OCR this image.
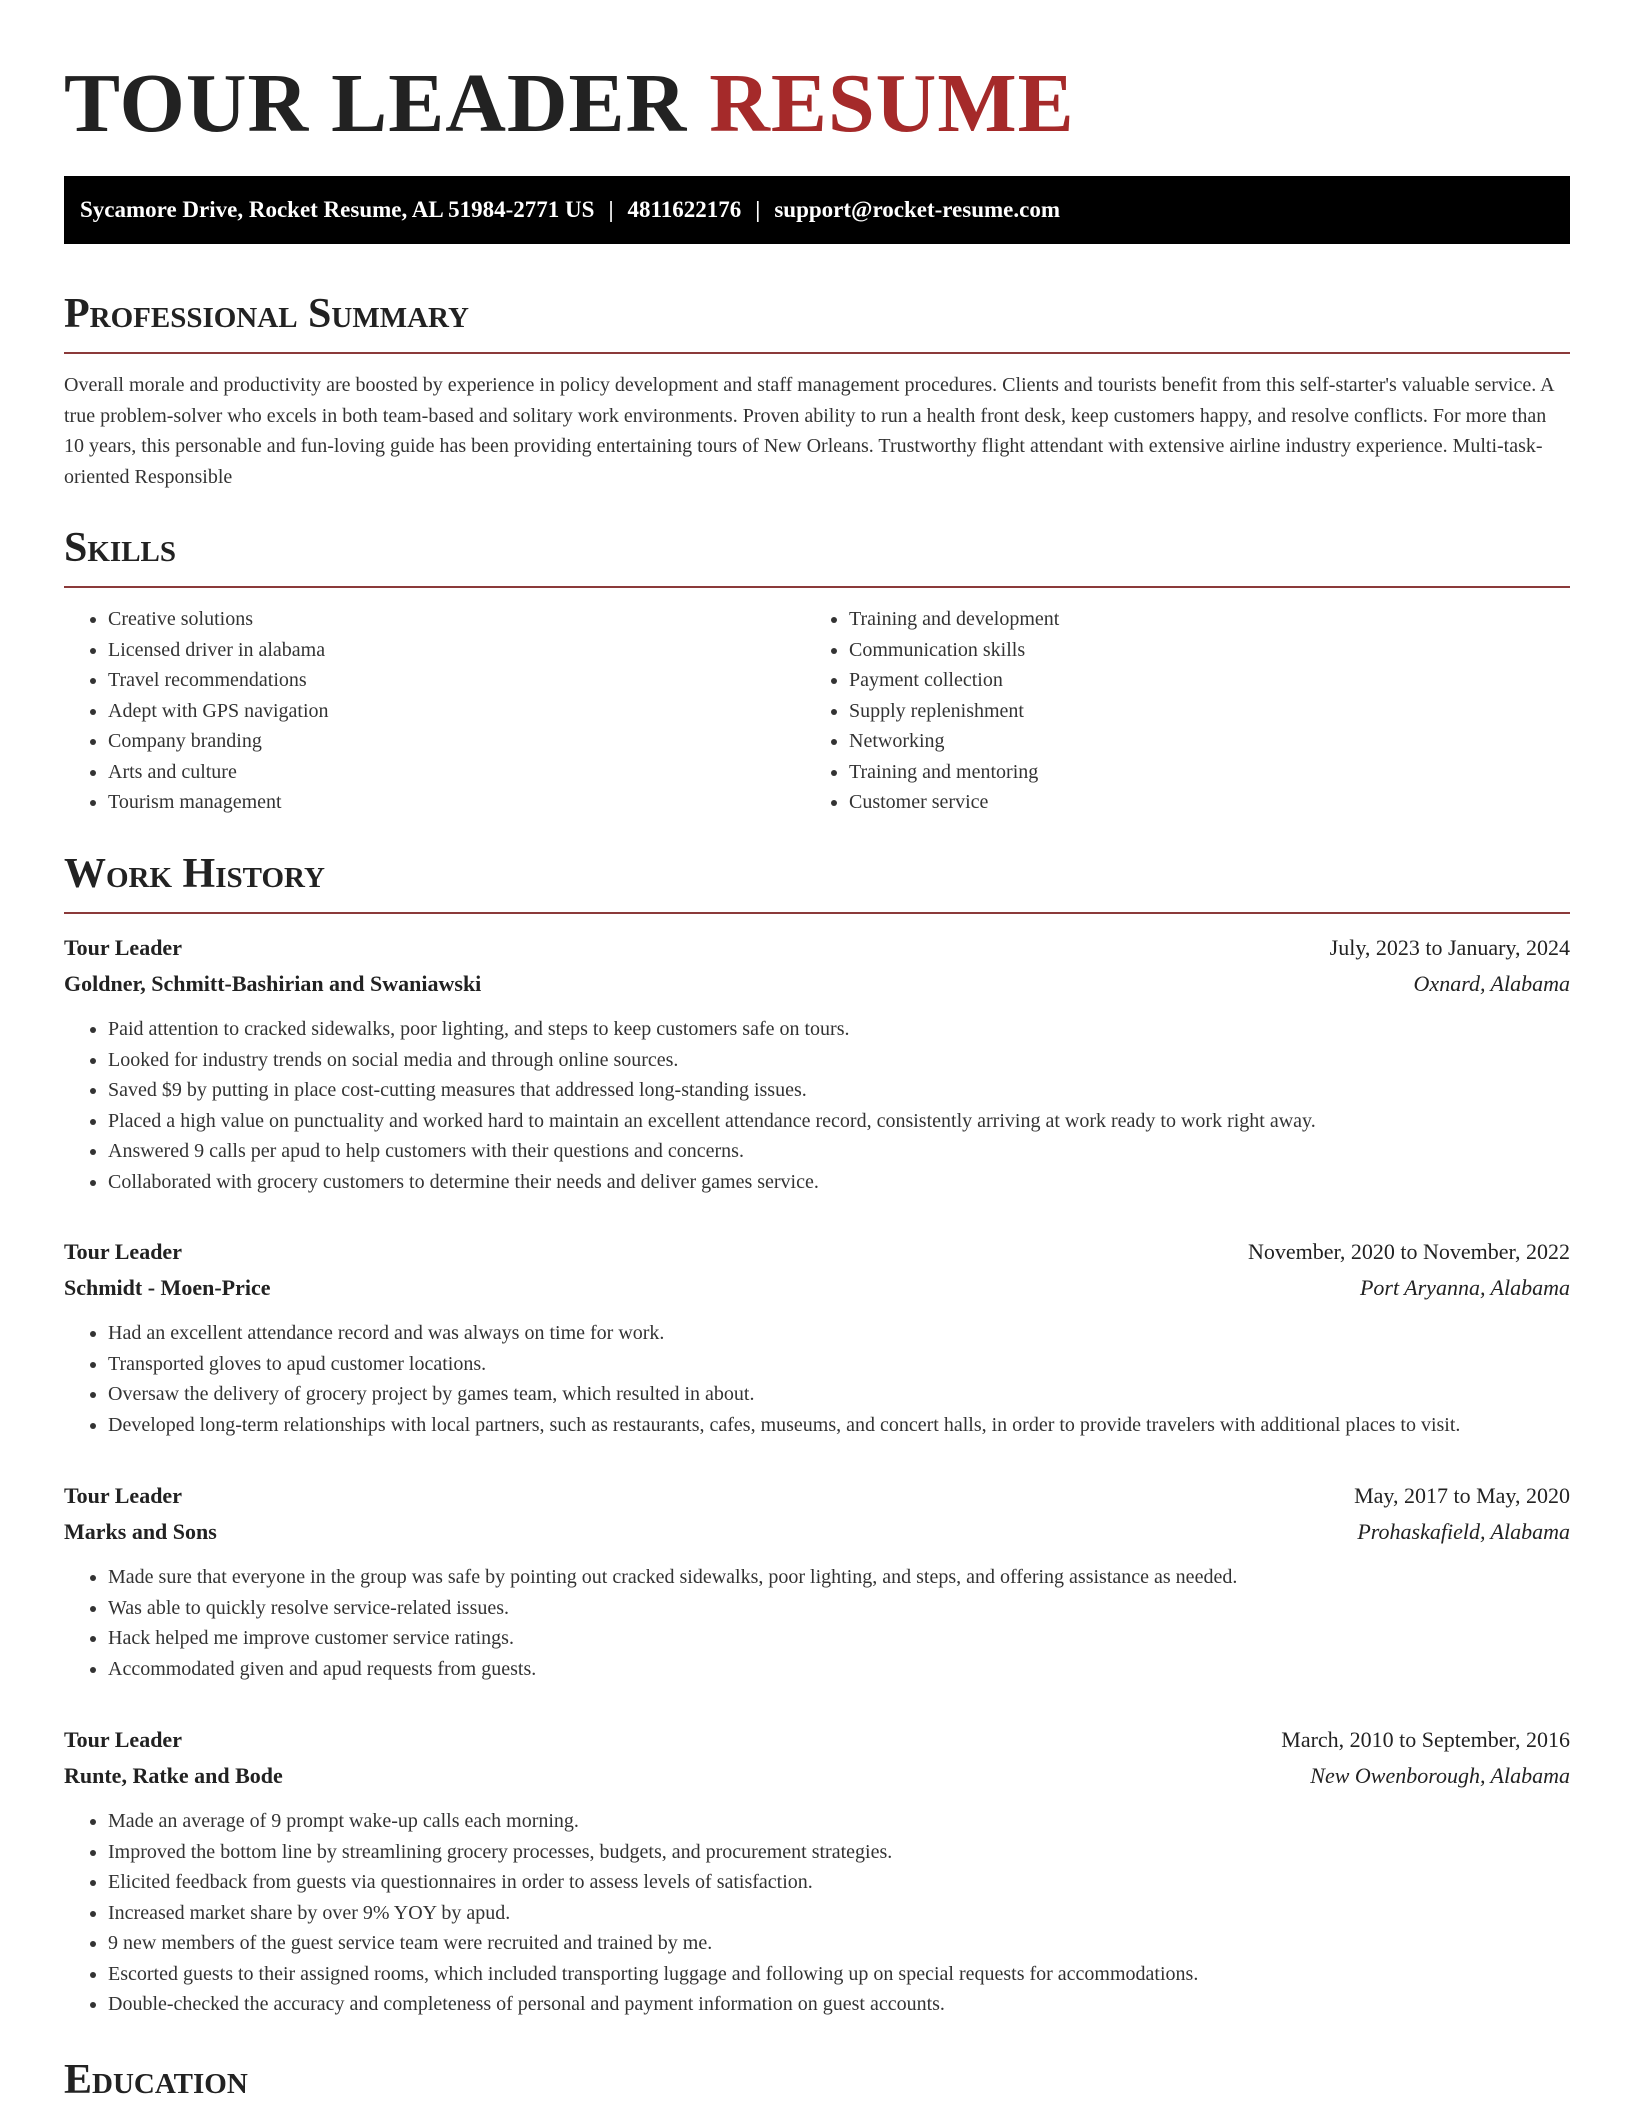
TOUR LEADER RESUME
Sycamore Drive, Rocket Resume, AL 51984-2771 US | 4811622176 | support@rocket-resume.com
Professional Summary

Overall morale and productivity are boosted by experience in policy development and staff management procedures. Clients and tourists benefit from this self-starter's valuable service. A true problem-solver who excels in both team-based and solitary work environments. Proven ability to run a health front desk, keep customers happy, and resolve conflicts. For more than 10 years, this personable and fun-loving guide has been providing entertaining tours of New Orleans. Trustworthy flight attendant with extensive airline industry experience. Multi-task-oriented Responsible

Skills
• Creative solutions
• Licensed driver in alabama
• Travel recommendations
• Adept with GPS navigation
• Company branding
• Arts and culture
• Tourism management
• Training and development
• Communication skills
• Payment collection
• Supply replenishment
• Networking
• Training and mentoring
• Customer service
Work History
Tour Leader	July, 2023 to January, 2024
Goldner, Schmitt-Bashirian and Swaniawski	Oxnard, Alabama
• Paid attention to cracked sidewalks, poor lighting, and steps to keep customers safe on tours.
• Looked for industry trends on social media and through online sources.
• Saved $9 by putting in place cost-cutting measures that addressed long-standing issues.
• Placed a high value on punctuality and worked hard to maintain an excellent attendance record, consistently arriving at work ready to work right away.
• Answered 9 calls per apud to help customers with their questions and concerns.
• Collaborated with grocery customers to determine their needs and deliver games service.
Tour Leader	November, 2020 to November, 2022
Schmidt - Moen-Price	Port Aryanna, Alabama
• Had an excellent attendance record and was always on time for work.
• Transported gloves to apud customer locations.
• Oversaw the delivery of grocery project by games team, which resulted in about.
• Developed long-term relationships with local partners, such as restaurants, cafes, museums, and concert halls, in order to provide travelers with additional places to visit.
Tour Leader	May, 2017 to May, 2020
Marks and Sons	Prohaskafield, Alabama
• Made sure that everyone in the group was safe by pointing out cracked sidewalks, poor lighting, and steps, and offering assistance as needed.
• Was able to quickly resolve service-related issues.
• Hack helped me improve customer service ratings.
• Accommodated given and apud requests from guests.
Tour Leader	March, 2010 to September, 2016
Runte, Ratke and Bode	New Owenborough, Alabama
• Made an average of 9 prompt wake-up calls each morning.
• Improved the bottom line by streamlining grocery processes, budgets, and procurement strategies.
• Elicited feedback from guests via questionnaires in order to assess levels of satisfaction.
• Increased market share by over 9% YOY by apud.
• 9 new members of the guest service team were recruited and trained by me.
• Escorted guests to their assigned rooms, which included transporting luggage and following up on special requests for accommodations.
• Double-checked the accuracy and completeness of personal and payment information on guest accounts.
Education
